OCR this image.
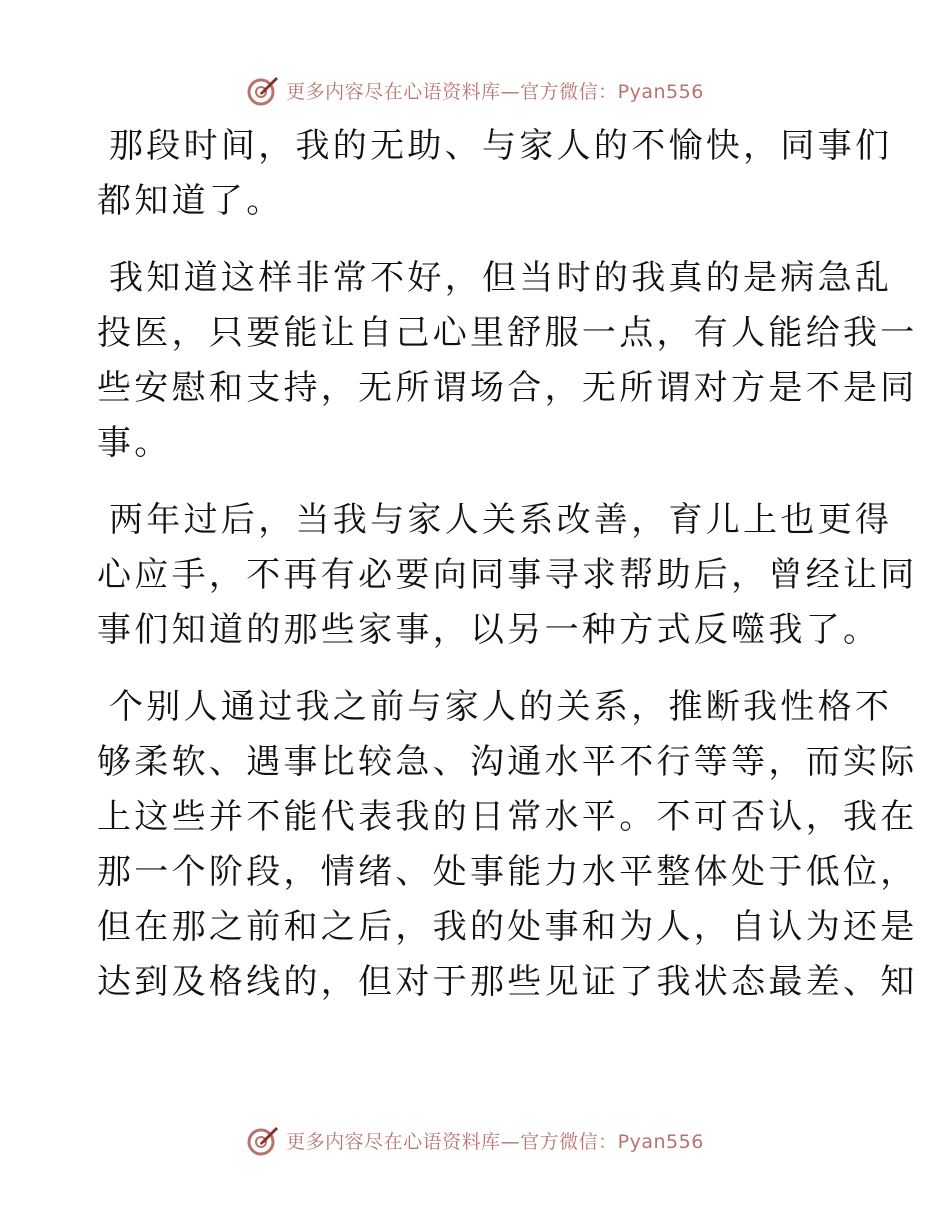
更多内容尽在心语资料库—官方微信：Pyan556

那段时间，我的无助、与家人的不愉快，同事们
都知道了。

我知道这样非常不好，但当时的我真的是病急乱
投医，只要能让自己心里舒服一点，有人能给我一
些安慰和支持，无所谓场合，无所谓对方是不是同
事。

两年过后，当我与家人关系改善，育儿上也更得
心应手，不再有必要向同事寻求帮助后，曾经让同
事们知道的那些家事，以另一种方式反噬我了。

个别人通过我之前与家人的关系，推断我性格不
够柔软、遇事比较急、沟通水平不行等等，而实际
上这些并不能代表我的日常水平。不可否认，我在
那一个阶段，情绪、处事能力水平整体处于低位，
但在那之前和之后，我的处事和为人，自认为还是
达到及格线的，但对于那些见证了我状态最差、知

更多内容尽在心语资料库—官方微信：Pyan556
